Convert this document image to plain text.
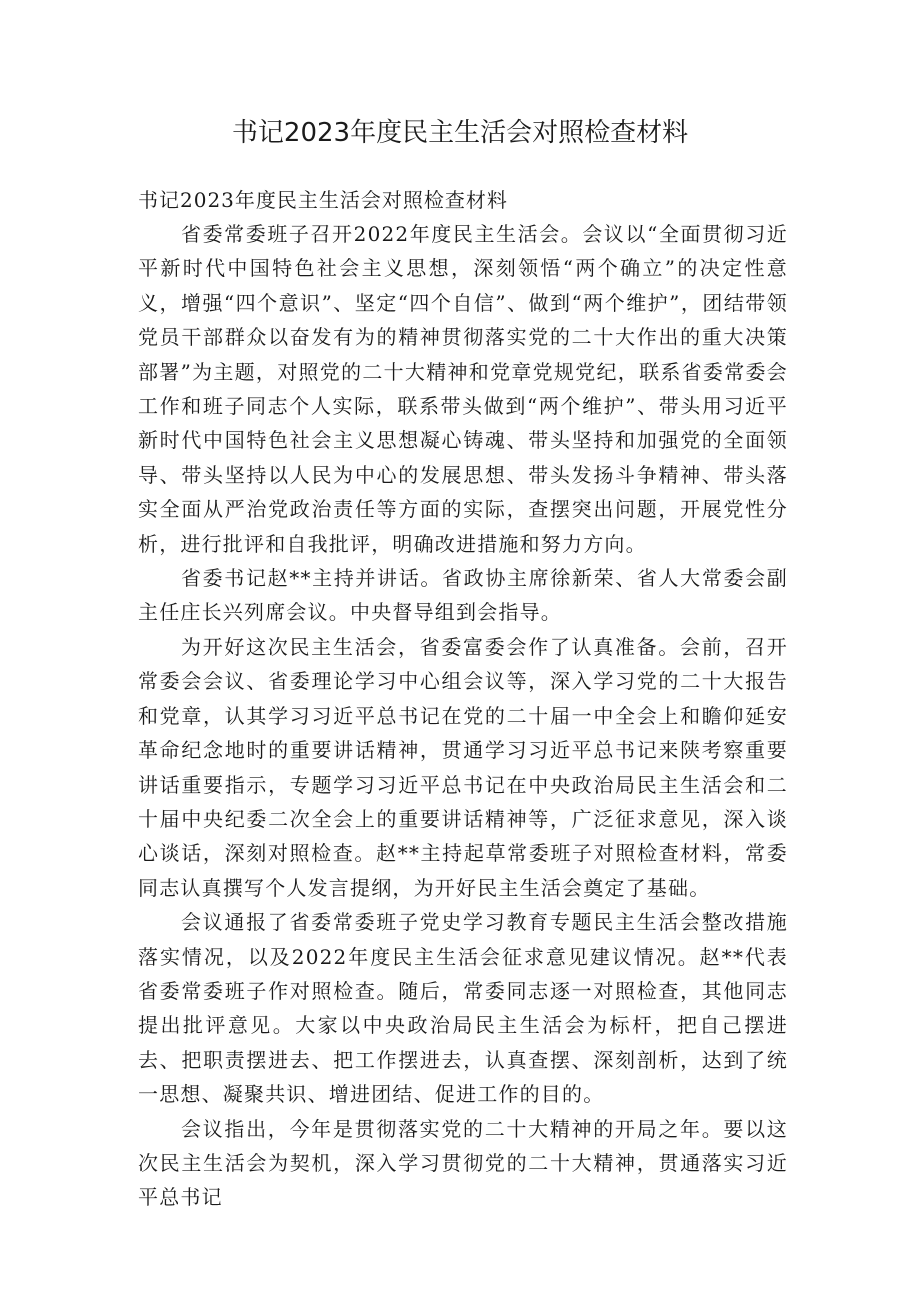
书记2023年度民主生活会对照检查材料

书记2023年度民主生活会对照检查材料

省委常委班子召开2022年度民主生活会。会议以“全面贯彻习近平新时代中国特色社会主义思想，深刻领悟“两个确立”的决定性意义，增强“四个意识”、坚定“四个自信”、做到“两个维护”，团结带领党员干部群众以奋发有为的精神贯彻落实党的二十大作出的重大决策部署”为主题，对照党的二十大精神和党章党规党纪，联系省委常委会工作和班子同志个人实际，联系带头做到“两个维护”、带头用习近平新时代中国特色社会主义思想凝心铸魂、带头坚持和加强党的全面领导、带头坚持以人民为中心的发展思想、带头发扬斗争精神、带头落实全面从严治党政治责任等方面的实际，查摆突出问题，开展党性分析，进行批评和自我批评，明确改进措施和努力方向。

省委书记赵**主持并讲话。省政协主席徐新荣、省人大常委会副主任庄长兴列席会议。中央督导组到会指导。

为开好这次民主生活会，省委富委会作了认真准备。会前，召开常委会会议、省委理论学习中心组会议等，深入学习党的二十大报告和党章，认其学习习近平总书记在党的二十届一中全会上和瞻仰延安革命纪念地时的重要讲话精神，贯通学习习近平总书记来陕考察重要讲话重要指示，专题学习习近平总书记在中央政治局民主生活会和二十届中央纪委二次全会上的重要讲话精神等，广泛征求意见，深入谈心谈话，深刻对照检查。赵**主持起草常委班子对照检查材料，常委同志认真撰写个人发言提纲，为开好民主生活会奠定了基础。

会议通报了省委常委班子党史学习教育专题民主生活会整改措施落实情况，以及2022年度民主生活会征求意见建议情况。赵**代表省委常委班子作对照检查。随后，常委同志逐一对照检查，其他同志提出批评意见。大家以中央政治局民主生活会为标杆，把自己摆进去、把职责摆进去、把工作摆进去，认真查摆、深刻剖析，达到了统一思想、凝聚共识、增进团结、促进工作的目的。

会议指出，今年是贯彻落实党的二十大精神的开局之年。要以这次民主生活会为契机，深入学习贯彻党的二十大精神，贯通落实习近平总书记
